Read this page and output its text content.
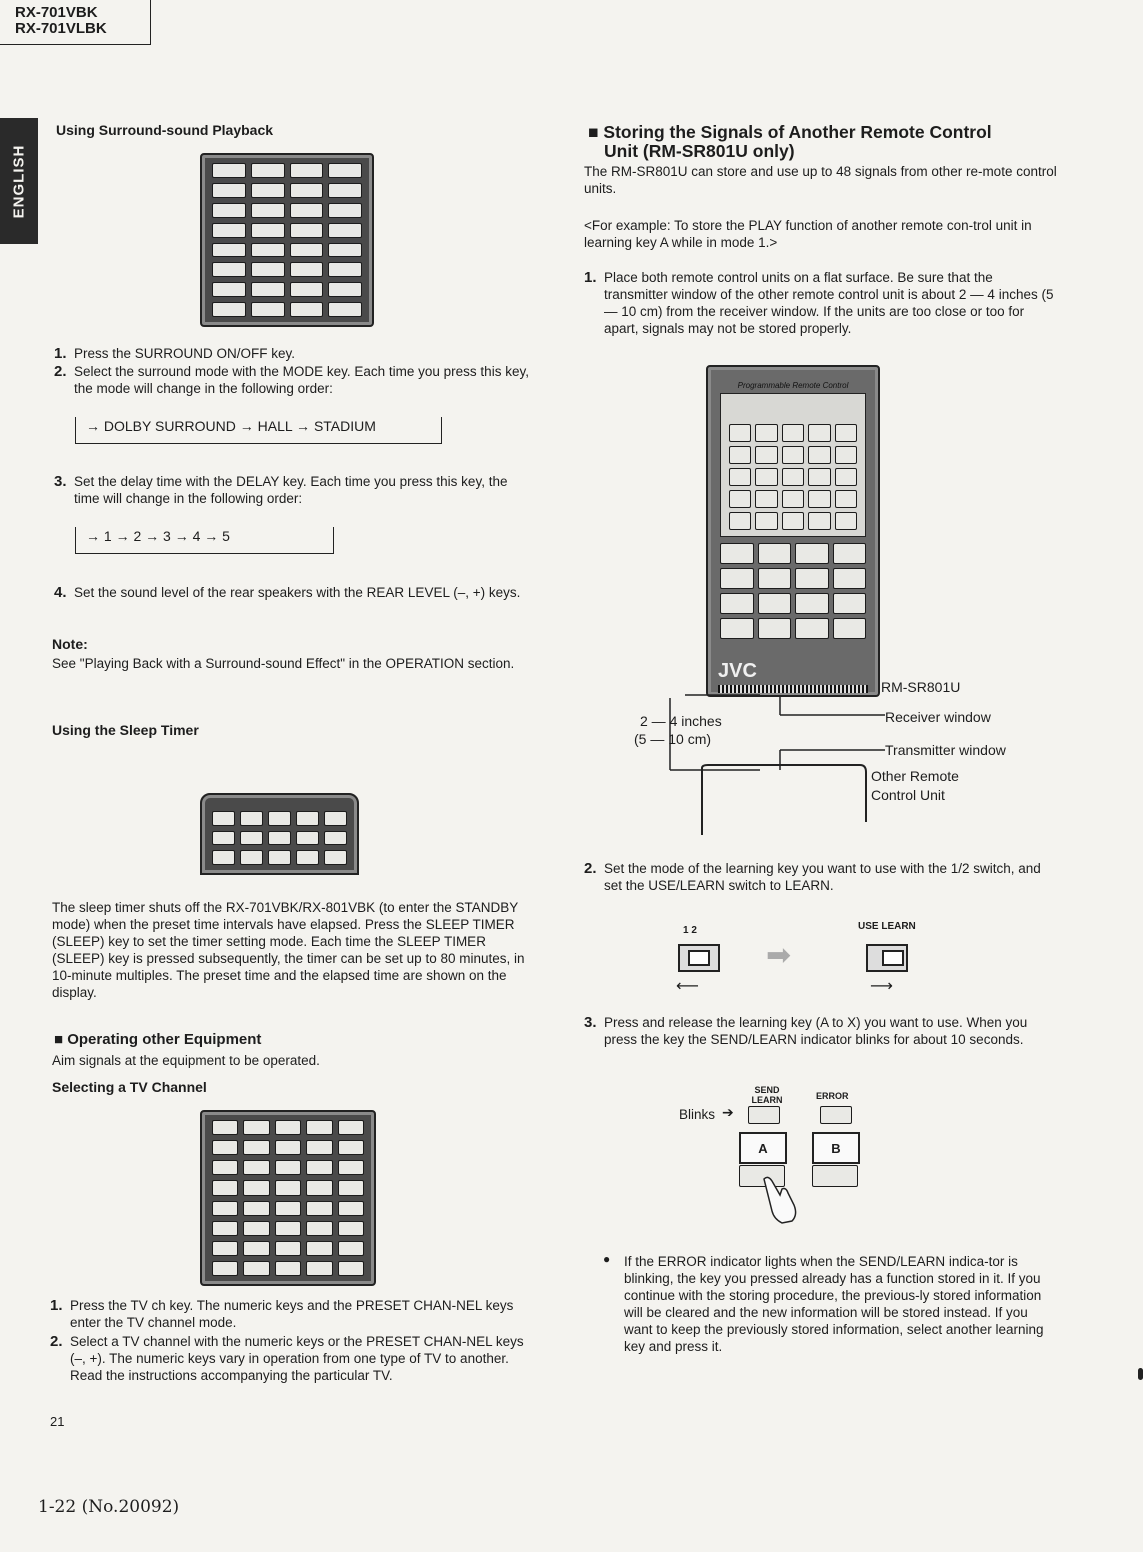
RX-701VBK
RX-701VLBK
ENGLISH
Using Surround-sound Playback
1. Press the SURROUND ON/OFF key.
2. Select the surround mode with the MODE key. Each time you press this key, the mode will change in the following order:
→ DOLBY SURROUND → HALL → STADIUM
3. Set the delay time with the DELAY key. Each time you press this key, the time will change in the following order:
→ 1 → 2 → 3 → 4 → 5
4. Set the sound level of the rear speakers with the REAR LEVEL (–, +) keys.
Note:
See "Playing Back with a Surround-sound Effect" in the OPERATION section.
Using the Sleep Timer
The sleep timer shuts off the RX-701VBK/RX-801VBK (to enter the STANDBY mode) when the preset time intervals have elapsed. Press the SLEEP TIMER (SLEEP) key to set the timer setting mode. Each time the SLEEP TIMER (SLEEP) key is pressed subsequently, the timer can be set up to 80 minutes, in 10-minute multiples. The preset time and the elapsed time are shown on the display.
■ Operating other Equipment
Aim signals at the equipment to be operated.
Selecting a TV Channel
1. Press the TV ch key. The numeric keys and the PRESET CHAN-NEL keys enter the TV channel mode.
2. Select a TV channel with the numeric keys or the PRESET CHAN-NEL keys (–, +). The numeric keys vary in operation from one type of TV to another. Read the instructions accompanying the particular TV.
21
1-22 (No.20092)
■ Storing the Signals of Another Remote Control
Unit (RM-SR801U only)
The RM-SR801U can store and use up to 48 signals from other re-mote control units.
<For example: To store the PLAY function of another remote con-trol unit in learning key A while in mode 1.>
1. Place both remote control units on a flat surface. Be sure that the transmitter window of the other remote control unit is about 2 — 4 inches (5 — 10 cm) from the receiver window. If the units are too close or too for apart, signals may not be stored properly.
Programmable Remote Control
JVC
RM-SR801U
Receiver window
Transmitter window
2 — 4 inches
(5 — 10 cm)
Other Remote
Control Unit
2. Set the mode of the learning key you want to use with the 1/2 switch, and set the USE/LEARN switch to LEARN.
1 2
⟵
➡
USE LEARN
⟶
3. Press and release the learning key (A to X) you want to use. When you press the key the SEND/LEARN indicator blinks for about 10 seconds.
SEND LEARN	ERROR
Blinks ➔
A	B
● If the ERROR indicator lights when the SEND/LEARN indica-tor is blinking, the key you pressed already has a function stored in it. If you continue with the storing procedure, the previous-ly stored information will be cleared and the new information will be stored instead. If you want to keep the previously stored information, select another learning key and press it.
